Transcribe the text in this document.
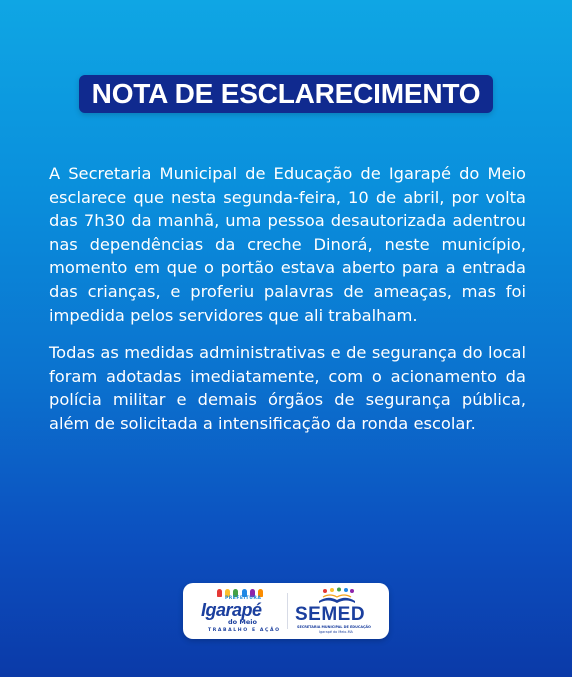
NOTA DE ESCLARECIMENTO

A Secretaria Municipal de Educação de Igarapé do Meio esclarece que nesta segunda-feira, 10 de abril, por volta das 7h30 da manhã, uma pessoa desautorizada adentrou nas dependências da creche Dinorá, neste município, momento em que o portão estava aberto para a entrada das crianças, e proferiu palavras de ameaças, mas foi impedida pelos servidores que ali trabalham.

Todas as medidas administrativas e de segurança do local foram adotadas imediatamente, com o acionamento da polícia militar e demais órgãos de segurança pública, além de solicitada a intensificação da ronda escolar.

PREFEITURA
Igarapé
do Meio
TRABALHO E AÇÃO
SEMED
SECRETARIA MUNICIPAL DE EDUCAÇÃO
Igarapé do Meio-MA
